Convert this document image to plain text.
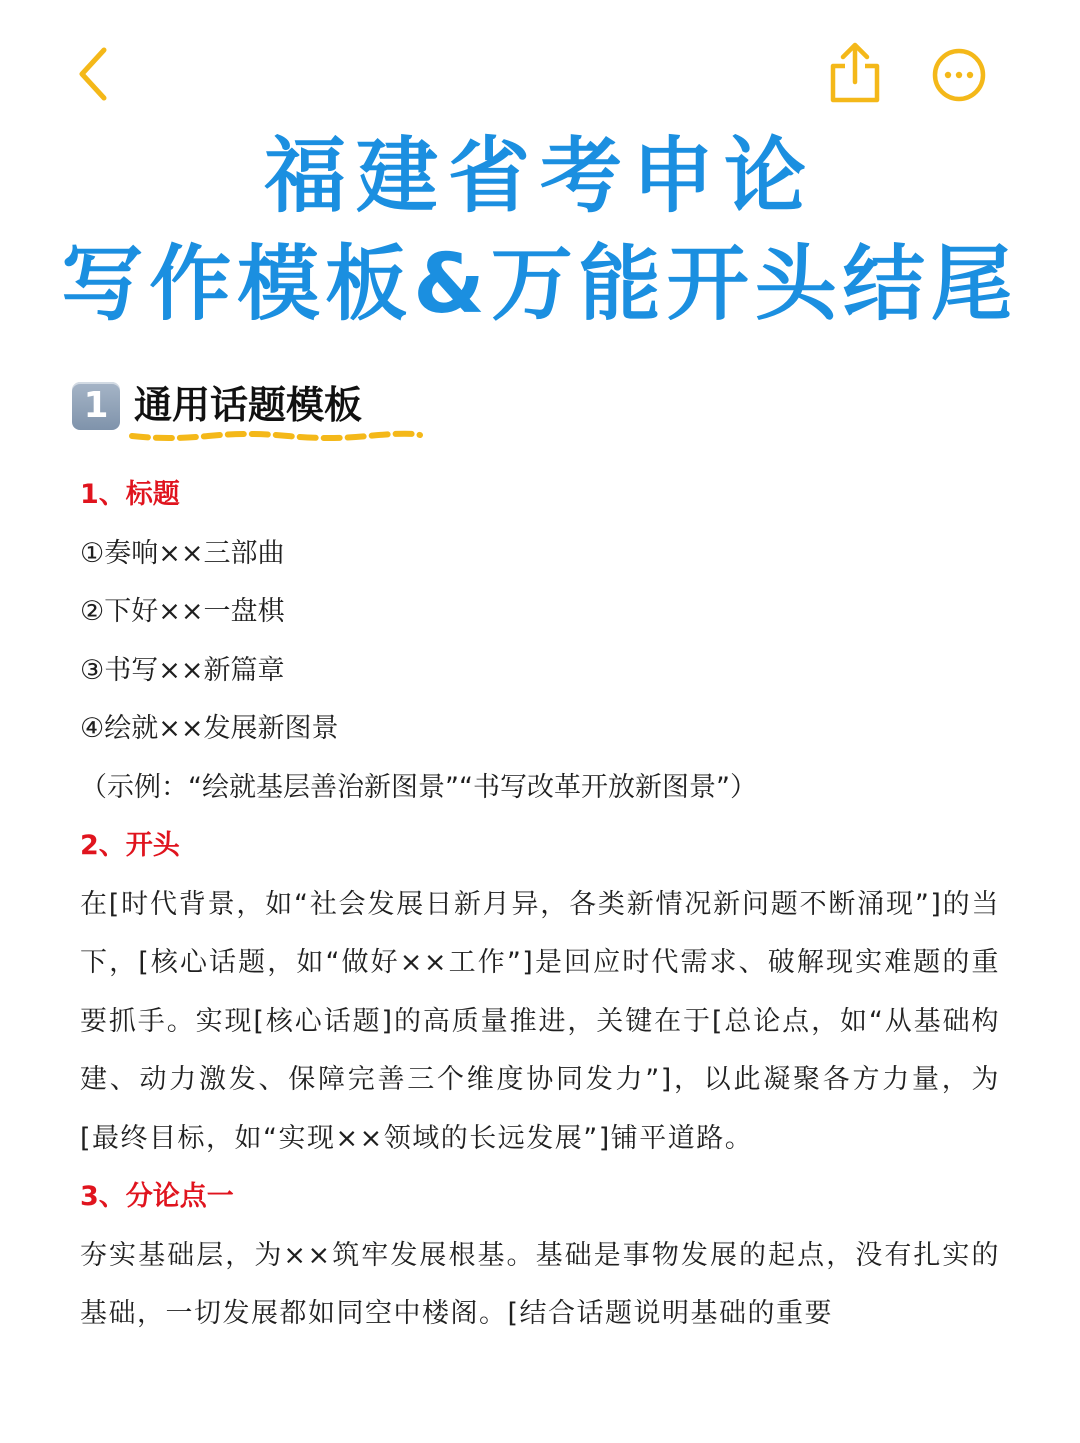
福建省考申论
写作模板&万能开头结尾
1 通用话题模板

1、标题

①奏响××三部曲

②下好××一盘棋

③书写××新篇章

④绘就××发展新图景

（示例：“绘就基层善治新图景”“书写改革开放新图景”）

2、开头

在[时代背景，如“社会发展日新月异，各类新情况新问题不断涌现”]的当下，[核心话题，如“做好××工作”]是回应时代需求、破解现实难题的重要抓手。实现[核心话题]的高质量推进，关键在于[总论点，如“从基础构建、动力激发、保障完善三个维度协同发力”]，以此凝聚各方力量，为[最终目标，如“实现××领域的长远发展”]铺平道路。

3、分论点一

夯实基础层，为××筑牢发展根基。基础是事物发展的起点，没有扎实的基础，一切发展都如同空中楼阁。[结合话题说明基础的重要
